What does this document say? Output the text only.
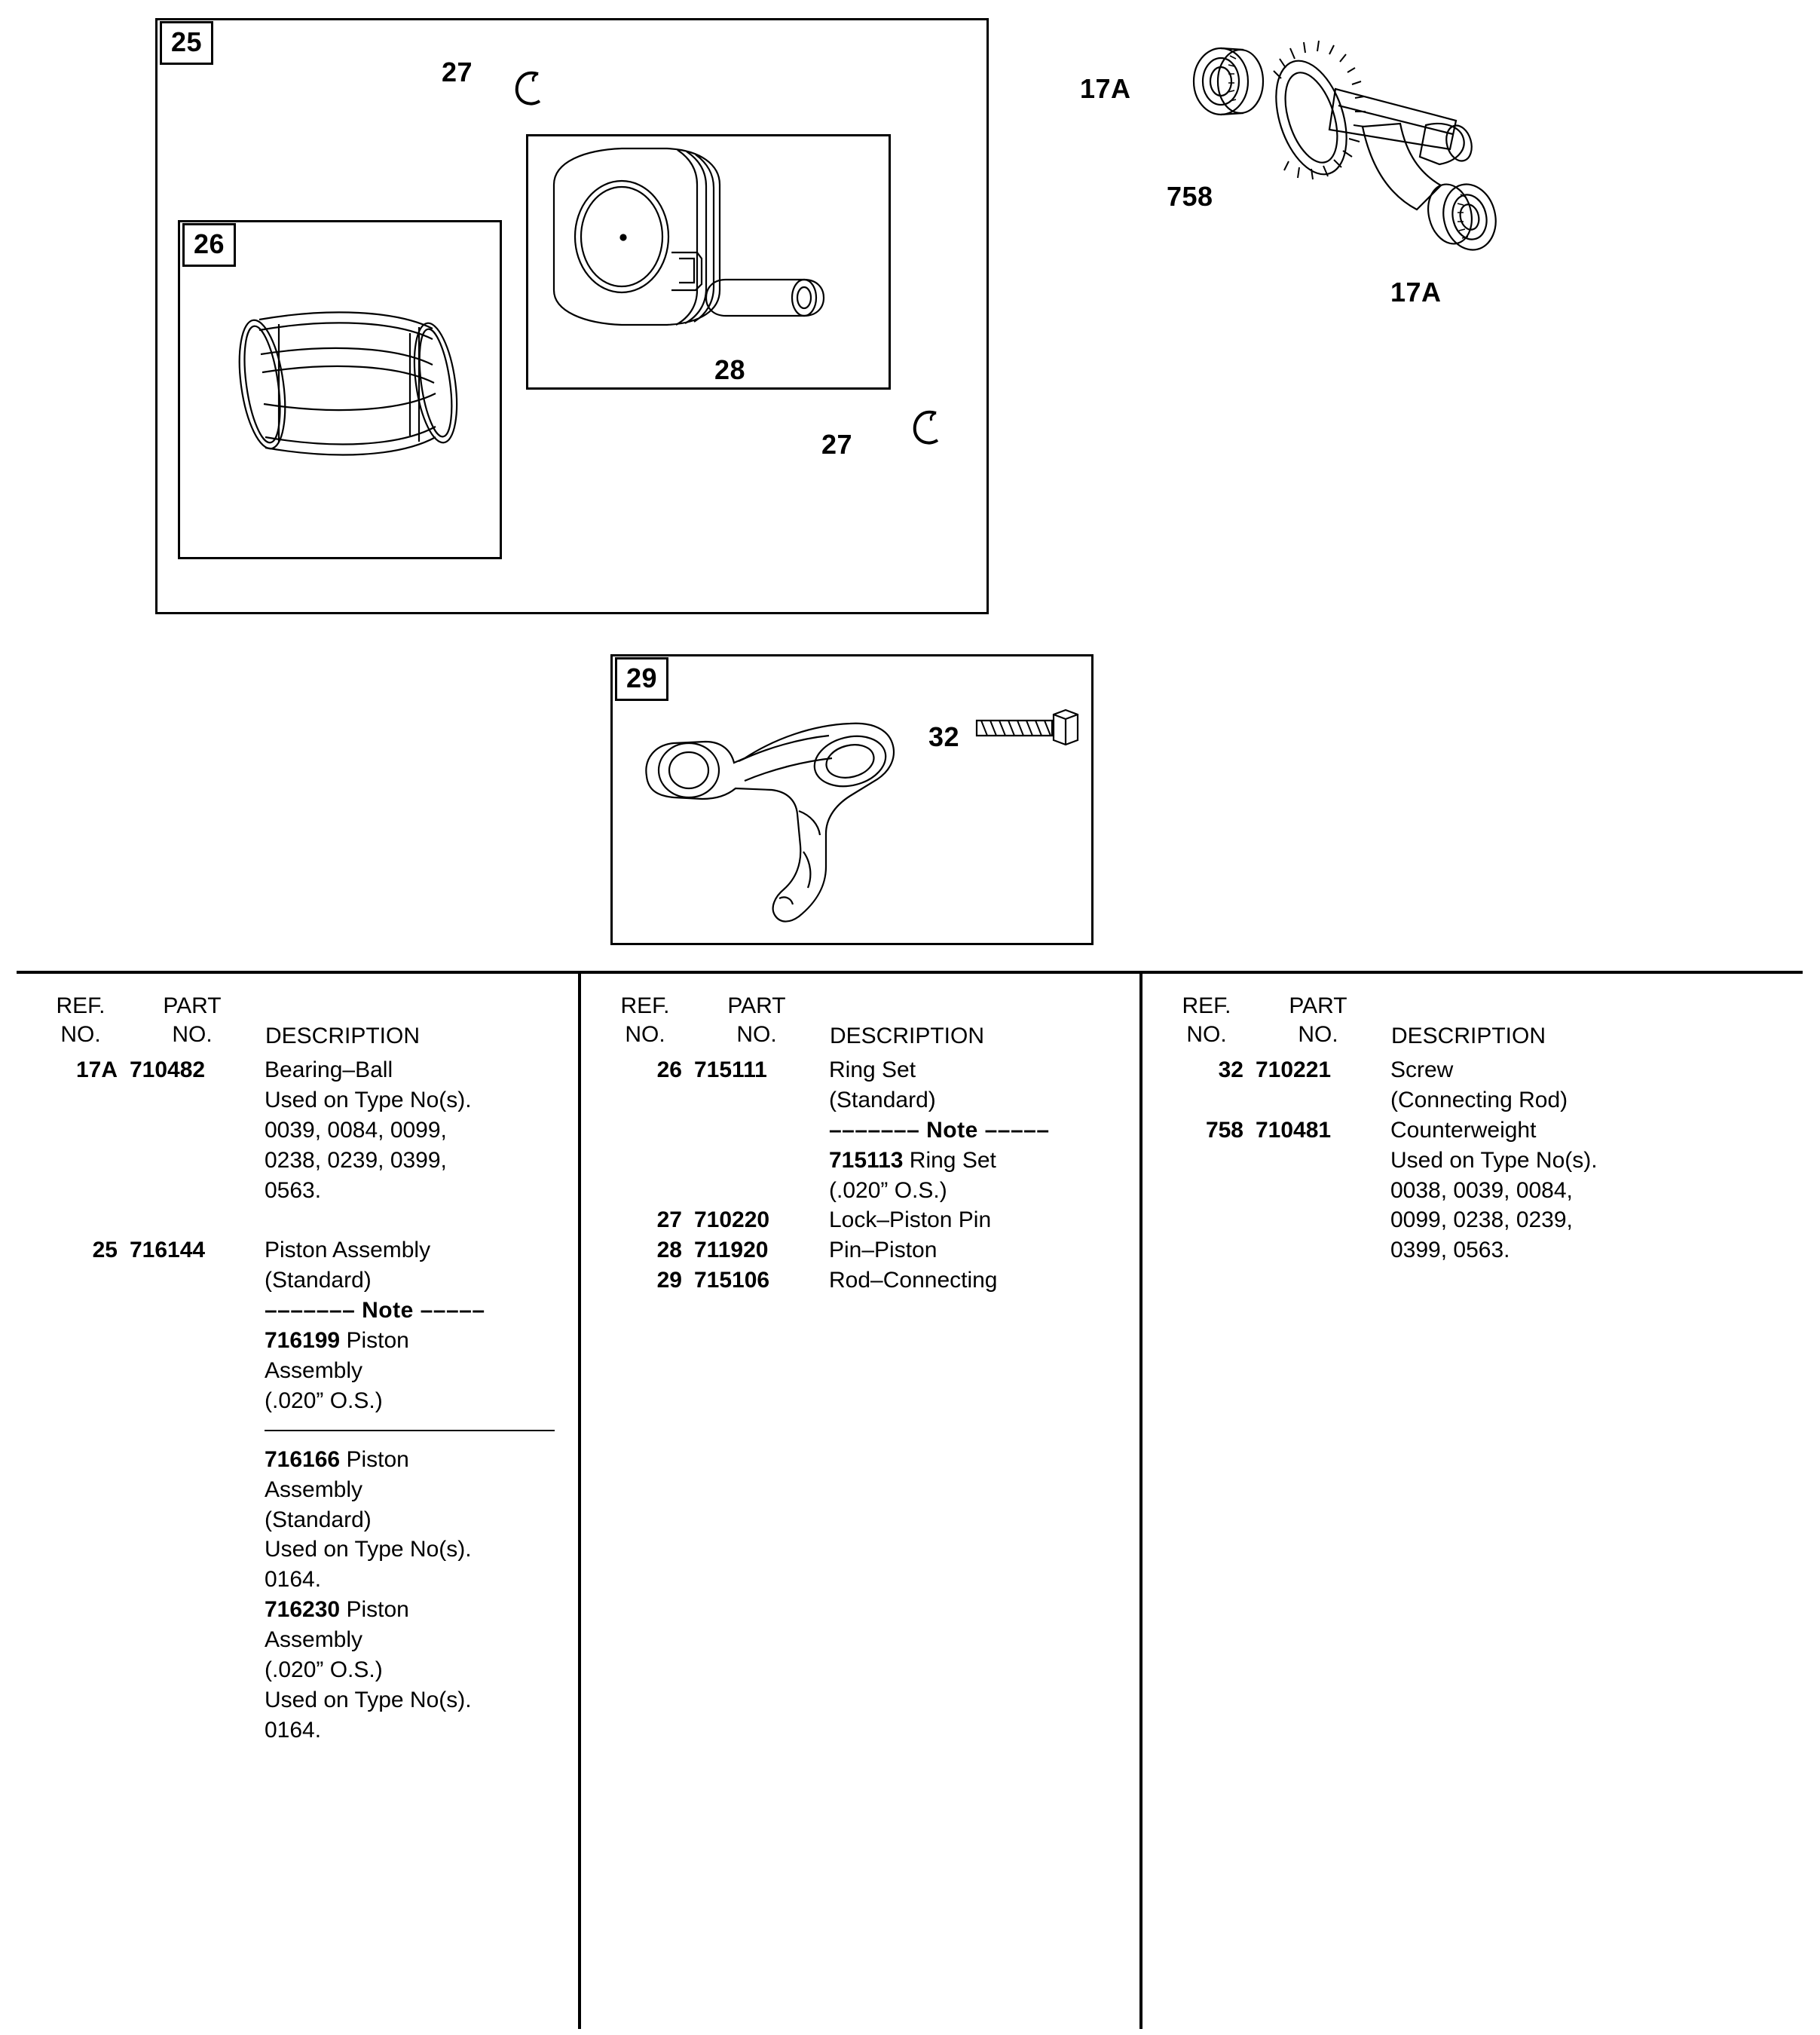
25
26
28
27
27
17A
758
17A
29
32
REF.
NO.
PART
NO.	DESCRIPTION
17A 710482	Bearing–Ball
Used on Type No(s).
0039, 0084, 0099,
0238, 0239, 0399,
0563.
25 716144	Piston Assembly
(Standard)
––––––– Note –––––
716199 Piston
Assembly
(.020” O.S.)
716166 Piston
Assembly
(Standard)
Used on Type No(s).
0164.
716230 Piston
Assembly
(.020” O.S.)
Used on Type No(s).
0164.
REF.
NO.
PART
NO.	DESCRIPTION
26 715111	Ring Set
(Standard)
––––––– Note –––––
715113 Ring Set
(.020” O.S.)
27 710220	Lock–Piston Pin
28 711920	Pin–Piston
29 715106	Rod–Connecting
REF.
NO.
PART
NO.	DESCRIPTION
32 710221	Screw
(Connecting Rod)
758 710481	Counterweight
Used on Type No(s).
0038, 0039, 0084,
0099, 0238, 0239,
0399, 0563.
